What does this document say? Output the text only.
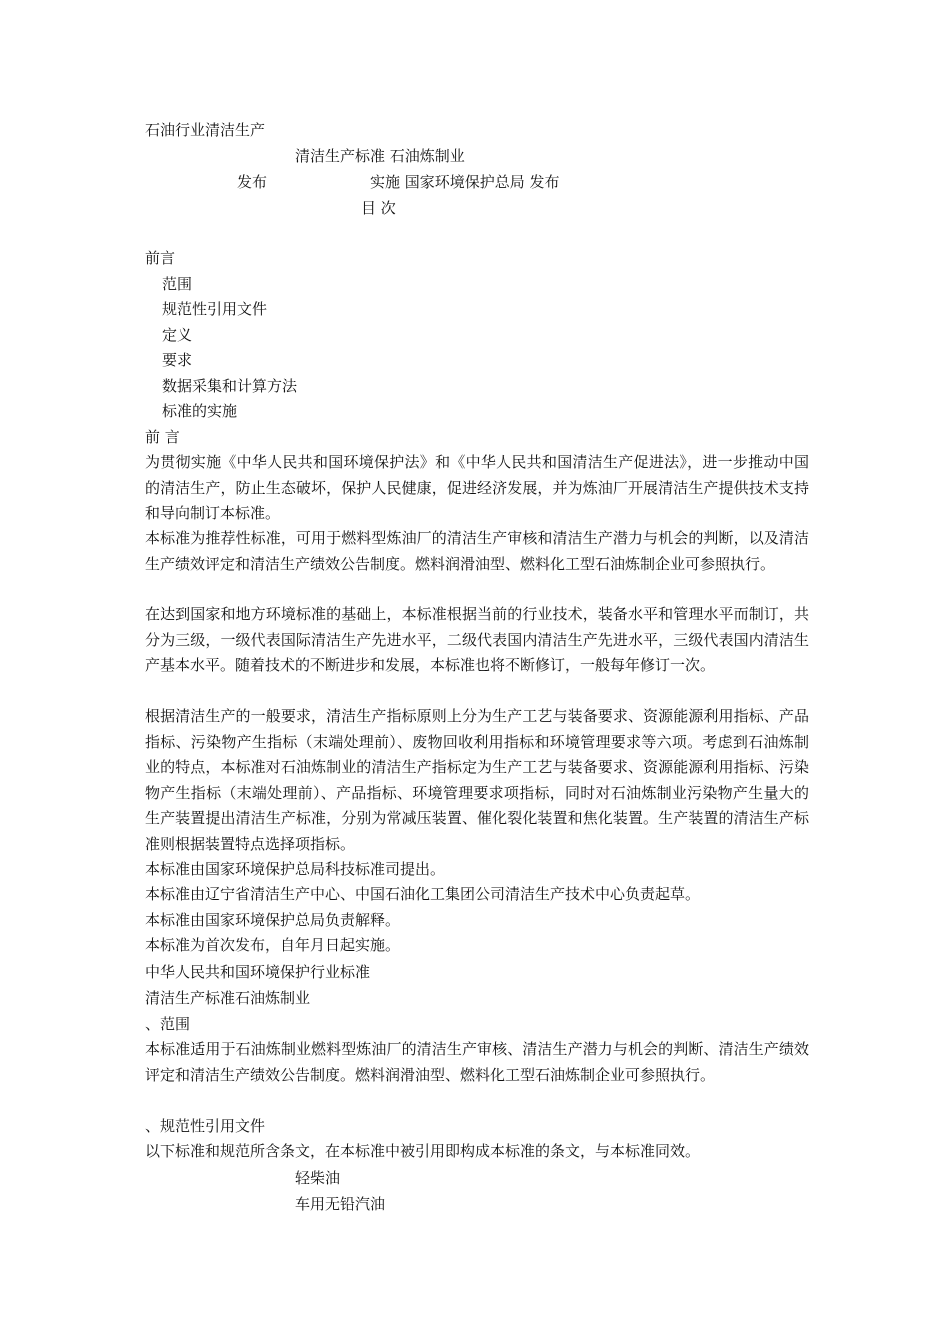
石油行业清洁生产
清洁生产标准 石油炼制业
发布	实施 国家环境保护总局 发布
目 次
前言
范围
规范性引用文件
定义
要求
数据采集和计算方法
标准的实施
前 言
为贯彻实施《中华人民共和国环境保护法》和《中华人民共和国清洁生产促进法》，进一步推动中国的清洁生产，防止生态破坏，保护人民健康，促进经济发展，并为炼油厂开展清洁生产提供技术支持和导向制订本标准。
本标准为推荐性标准，可用于燃料型炼油厂的清洁生产审核和清洁生产潜力与机会的判断，以及清洁生产绩效评定和清洁生产绩效公告制度。燃料润滑油型、燃料化工型石油炼制企业可参照执行。
在达到国家和地方环境标准的基础上，本标准根据当前的行业技术，装备水平和管理水平而制订，共分为三级，一级代表国际清洁生产先进水平，二级代表国内清洁生产先进水平，三级代表国内清洁生产基本水平。随着技术的不断进步和发展，本标准也将不断修订，一般每年修订一次。
根据清洁生产的一般要求，清洁生产指标原则上分为生产工艺与装备要求、资源能源利用指标、产品指标、污染物产生指标（末端处理前）、废物回收利用指标和环境管理要求等六项。考虑到石油炼制业的特点，本标准对石油炼制业的清洁生产指标定为生产工艺与装备要求、资源能源利用指标、污染物产生指标（末端处理前）、产品指标、环境管理要求项指标，同时对石油炼制业污染物产生量大的生产装置提出清洁生产标准，分别为常减压装置、催化裂化装置和焦化装置。生产装置的清洁生产标准则根据装置特点选择项指标。
本标准由国家环境保护总局科技标准司提出。
本标准由辽宁省清洁生产中心、中国石油化工集团公司清洁生产技术中心负责起草。
本标准由国家环境保护总局负责解释。
本标准为首次发布，自年月日起实施。
中华人民共和国环境保护行业标准
清洁生产标准石油炼制业
、范围
本标准适用于石油炼制业燃料型炼油厂的清洁生产审核、清洁生产潜力与机会的判断、清洁生产绩效评定和清洁生产绩效公告制度。燃料润滑油型、燃料化工型石油炼制企业可参照执行。
、规范性引用文件
以下标准和规范所含条文，在本标准中被引用即构成本标准的条文，与本标准同效。
轻柴油
车用无铅汽油
